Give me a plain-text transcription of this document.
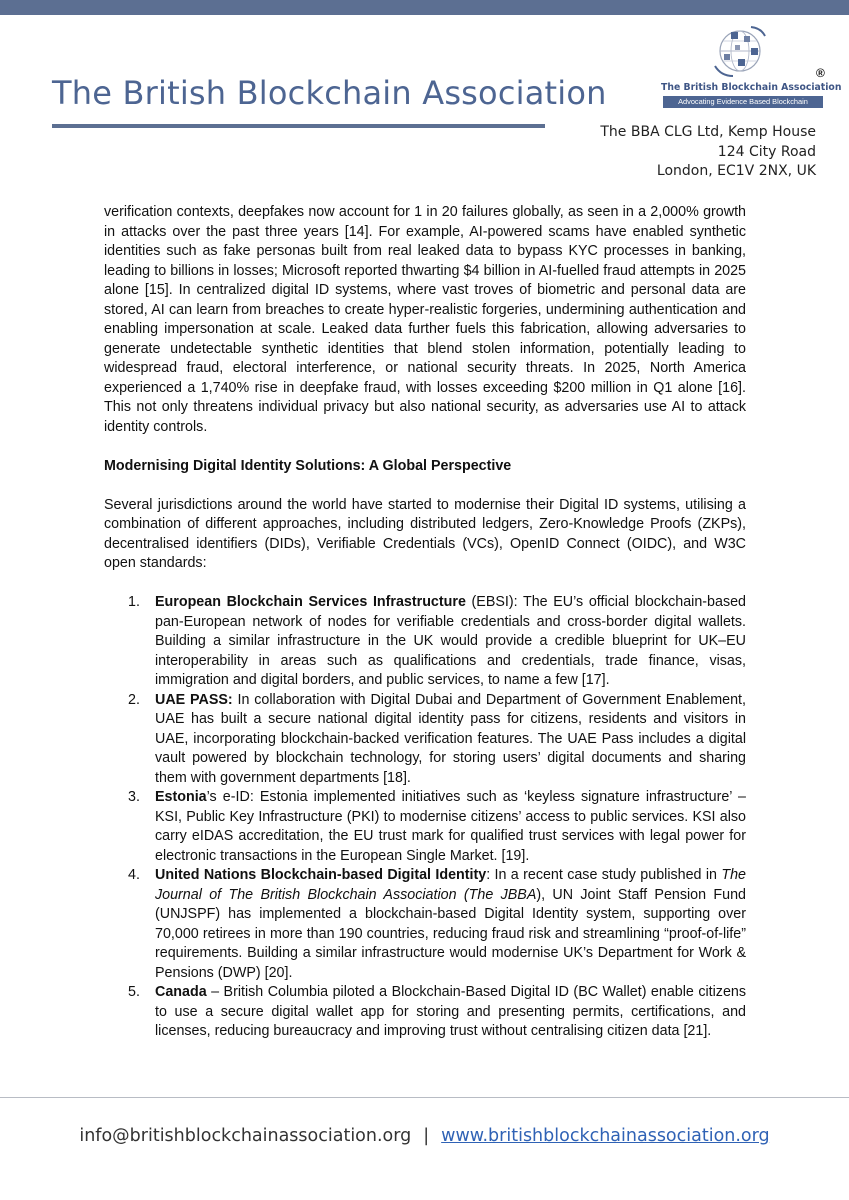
The British Blockchain Association	The British Blockchain Association
Advocating Evidence Based Blockchain
®
The BBA CLG Ltd, Kemp House
124 City Road
London, EC1V 2NX, UK

verification contexts, deepfakes now account for 1 in 20 failures globally, as seen in a 2,000% growth in attacks over the past three years [14]. For example, AI-powered scams have enabled synthetic identities such as fake personas built from real leaked data to bypass KYC processes in banking, leading to billions in losses; Microsoft reported thwarting $4 billion in AI-fuelled fraud attempts in 2025 alone [15]. In centralized digital ID systems, where vast troves of biometric and personal data are stored, AI can learn from breaches to create hyper-realistic forgeries, undermining authentication and enabling impersonation at scale. Leaked data further fuels this fabrication, allowing adversaries to generate undetectable synthetic identities that blend stolen information, potentially leading to widespread fraud, electoral interference, or national security threats. In 2025, North America experienced a 1,740% rise in deepfake fraud, with losses exceeding $200 million in Q1 alone [16]. This not only threatens individual privacy but also national security, as adversaries use AI to attack identity controls.

Modernising Digital Identity Solutions: A Global Perspective

Several jurisdictions around the world have started to modernise their Digital ID systems, utilising a combination of different approaches, including distributed ledgers, Zero-Knowledge Proofs (ZKPs), decentralised identifiers (DIDs), Verifiable Credentials (VCs), OpenID Connect (OIDC), and W3C open standards:

1. European Blockchain Services Infrastructure (EBSI): The EU’s official blockchain-based pan-European network of nodes for verifiable credentials and cross-border digital wallets. Building a similar infrastructure in the UK would provide a credible blueprint for UK–EU interoperability in areas such as qualifications and credentials, trade finance, visas, immigration and digital borders, and public services, to name a few [17].
2. UAE PASS: In collaboration with Digital Dubai and Department of Government Enablement, UAE has built a secure national digital identity pass for citizens, residents and visitors in UAE, incorporating blockchain-backed verification features. The UAE Pass includes a digital vault powered by blockchain technology, for storing users’ digital documents and sharing them with government departments [18].
3. Estonia’s e-ID: Estonia implemented initiatives such as ‘keyless signature infrastructure’ – KSI, Public Key Infrastructure (PKI) to modernise citizens’ access to public services. KSI also carry eIDAS accreditation, the EU trust mark for qualified trust services with legal power for electronic transactions in the European Single Market. [19].
4. United Nations Blockchain-based Digital Identity: In a recent case study published in The Journal of The British Blockchain Association (The JBBA), UN Joint Staff Pension Fund (UNJSPF) has implemented a blockchain-based Digital Identity system, supporting over 70,000 retirees in more than 190 countries, reducing fraud risk and streamlining “proof-of-life” requirements. Building a similar infrastructure would modernise UK’s Department for Work & Pensions (DWP) [20].
5. Canada – British Columbia piloted a Blockchain-Based Digital ID (BC Wallet) enable citizens to use a secure digital wallet app for storing and presenting permits, certifications, and licenses, reducing bureaucracy and improving trust without centralising citizen data [21].
info@britishblockchainassociation.org | www.britishblockchainassociation.org
